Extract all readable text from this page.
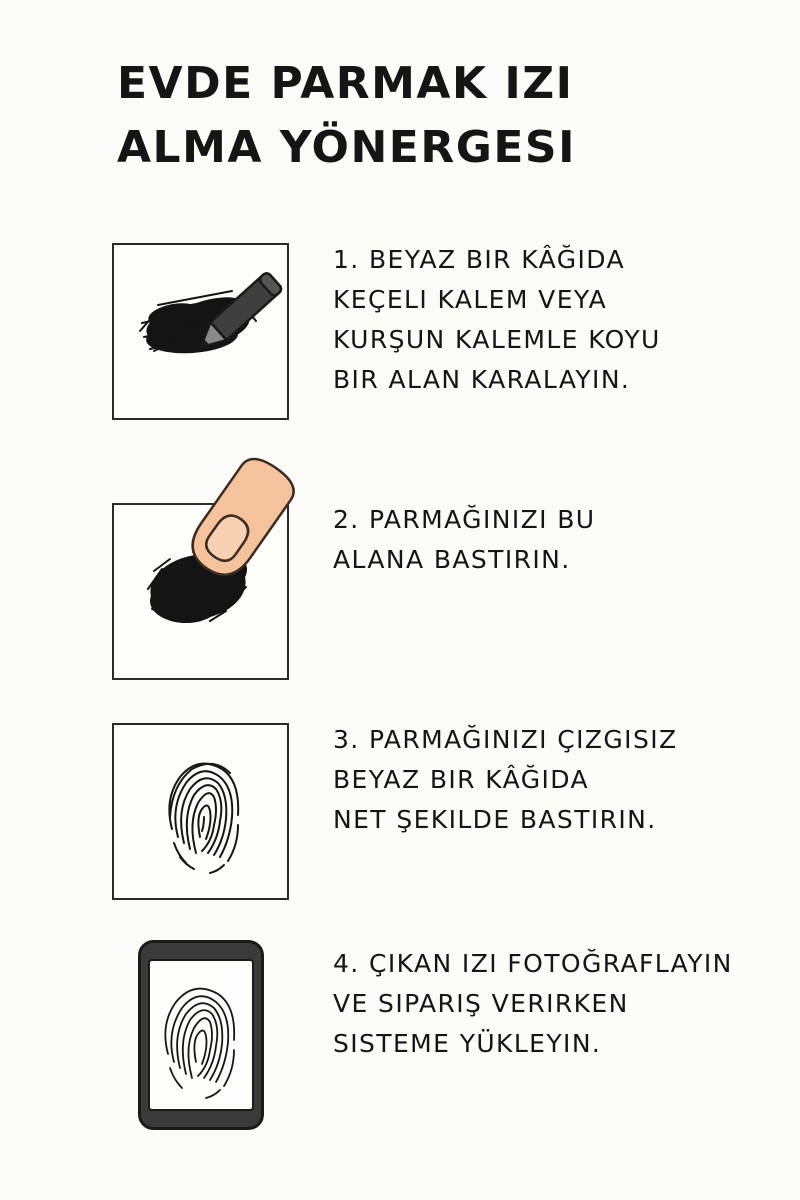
EVDE PARMAK IZI
ALMA YÖNERGESI

1. BEYAZ BIR KÂĞIDA
KEÇELI KALEM VEYA
KURŞUN KALEMLE KOYU
BIR ALAN KARALAYIN.

2. PARMAĞINIZI BU
ALANA BASTIRIN.

3. PARMAĞINIZI ÇIZGISIZ
BEYAZ BIR KÂĞIDA
NET ŞEKILDE BASTIRIN.

4. ÇIKAN IZI FOTOĞRAFLAYIN
VE SIPARIŞ VERIRKEN
SISTEME YÜKLEYIN.
